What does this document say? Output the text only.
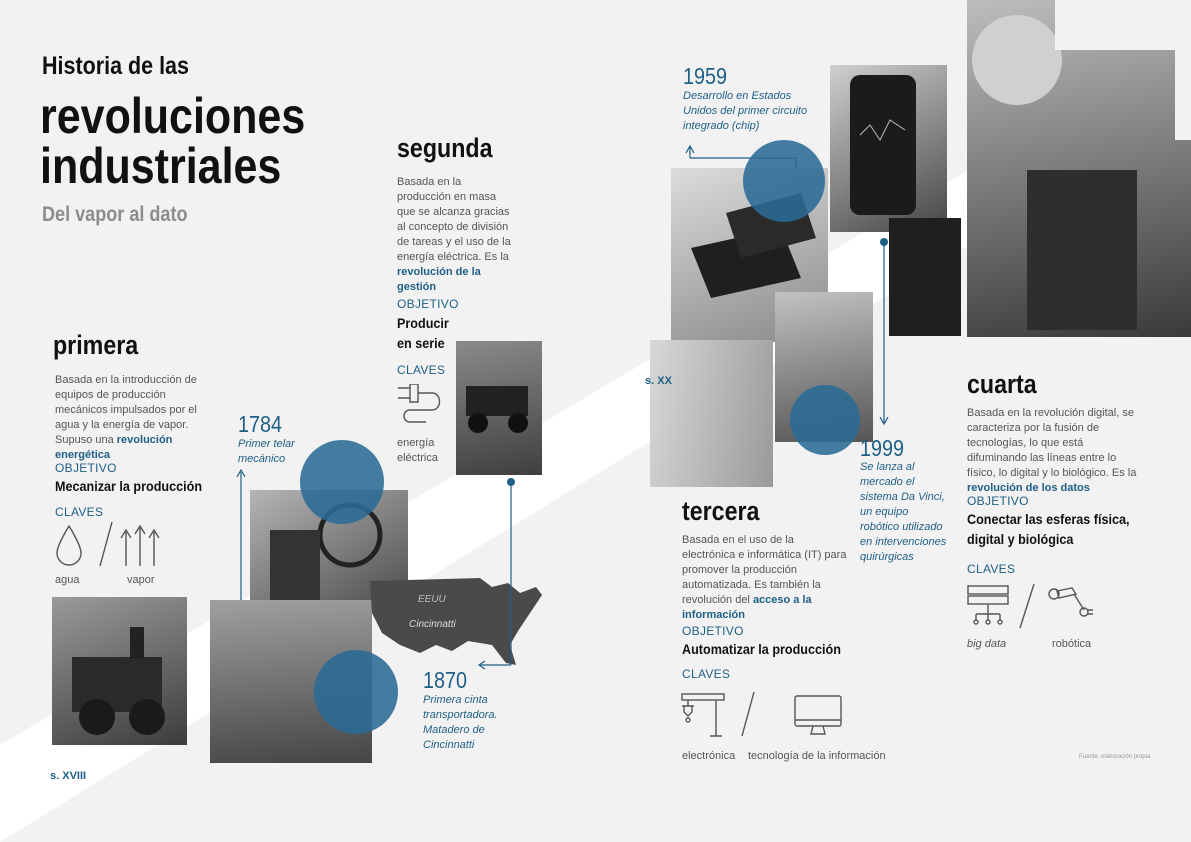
Historia de las
revoluciones
industriales
Del vapor al dato
primera
Basada en la introducción de equipos de producción mecánicos impulsados por el agua y la energía de vapor. Supuso una revolución energética
OBJETIVO
Mecanizar la producción
CLAVES
agua	vapor
1784
Primer telar
mecánico
s. XVIII
segunda
Basada en la producción en masa que se alcanza gracias al concepto de división de tareas y el uso de la energía eléctrica. Es la revolución de la gestión
OBJETIVO
Producir
en serie
CLAVES
energía
eléctrica
EEUU
Cincinnatti
1870
Primera cinta
transportadora.
Matadero de
Cincinnatti
1959
Desarrollo en Estados
Unidos del primer circuito
integrado (chip)
s. XX
tercera
Basada en el uso de la electrónica e informática (IT) para promover la producción automatizada. Es también la revolución del acceso a la información
OBJETIVO
Automatizar la producción
CLAVES
electrónica tecnología de la información
1999
Se lanza al
mercado el
sistema Da Vinci,
un equipo
robótico utilizado
en intervenciones
quirúrgicas
cuarta
Basada en la revolución digital, se caracteriza por la fusión de tecnologías, lo que está difuminando las líneas entre lo físico, lo digital y lo biológico. Es la revolución de los datos
OBJETIVO
Conectar las esferas física,
digital y biológica
CLAVES
big data	robótica
Fuente: elaboración propia
